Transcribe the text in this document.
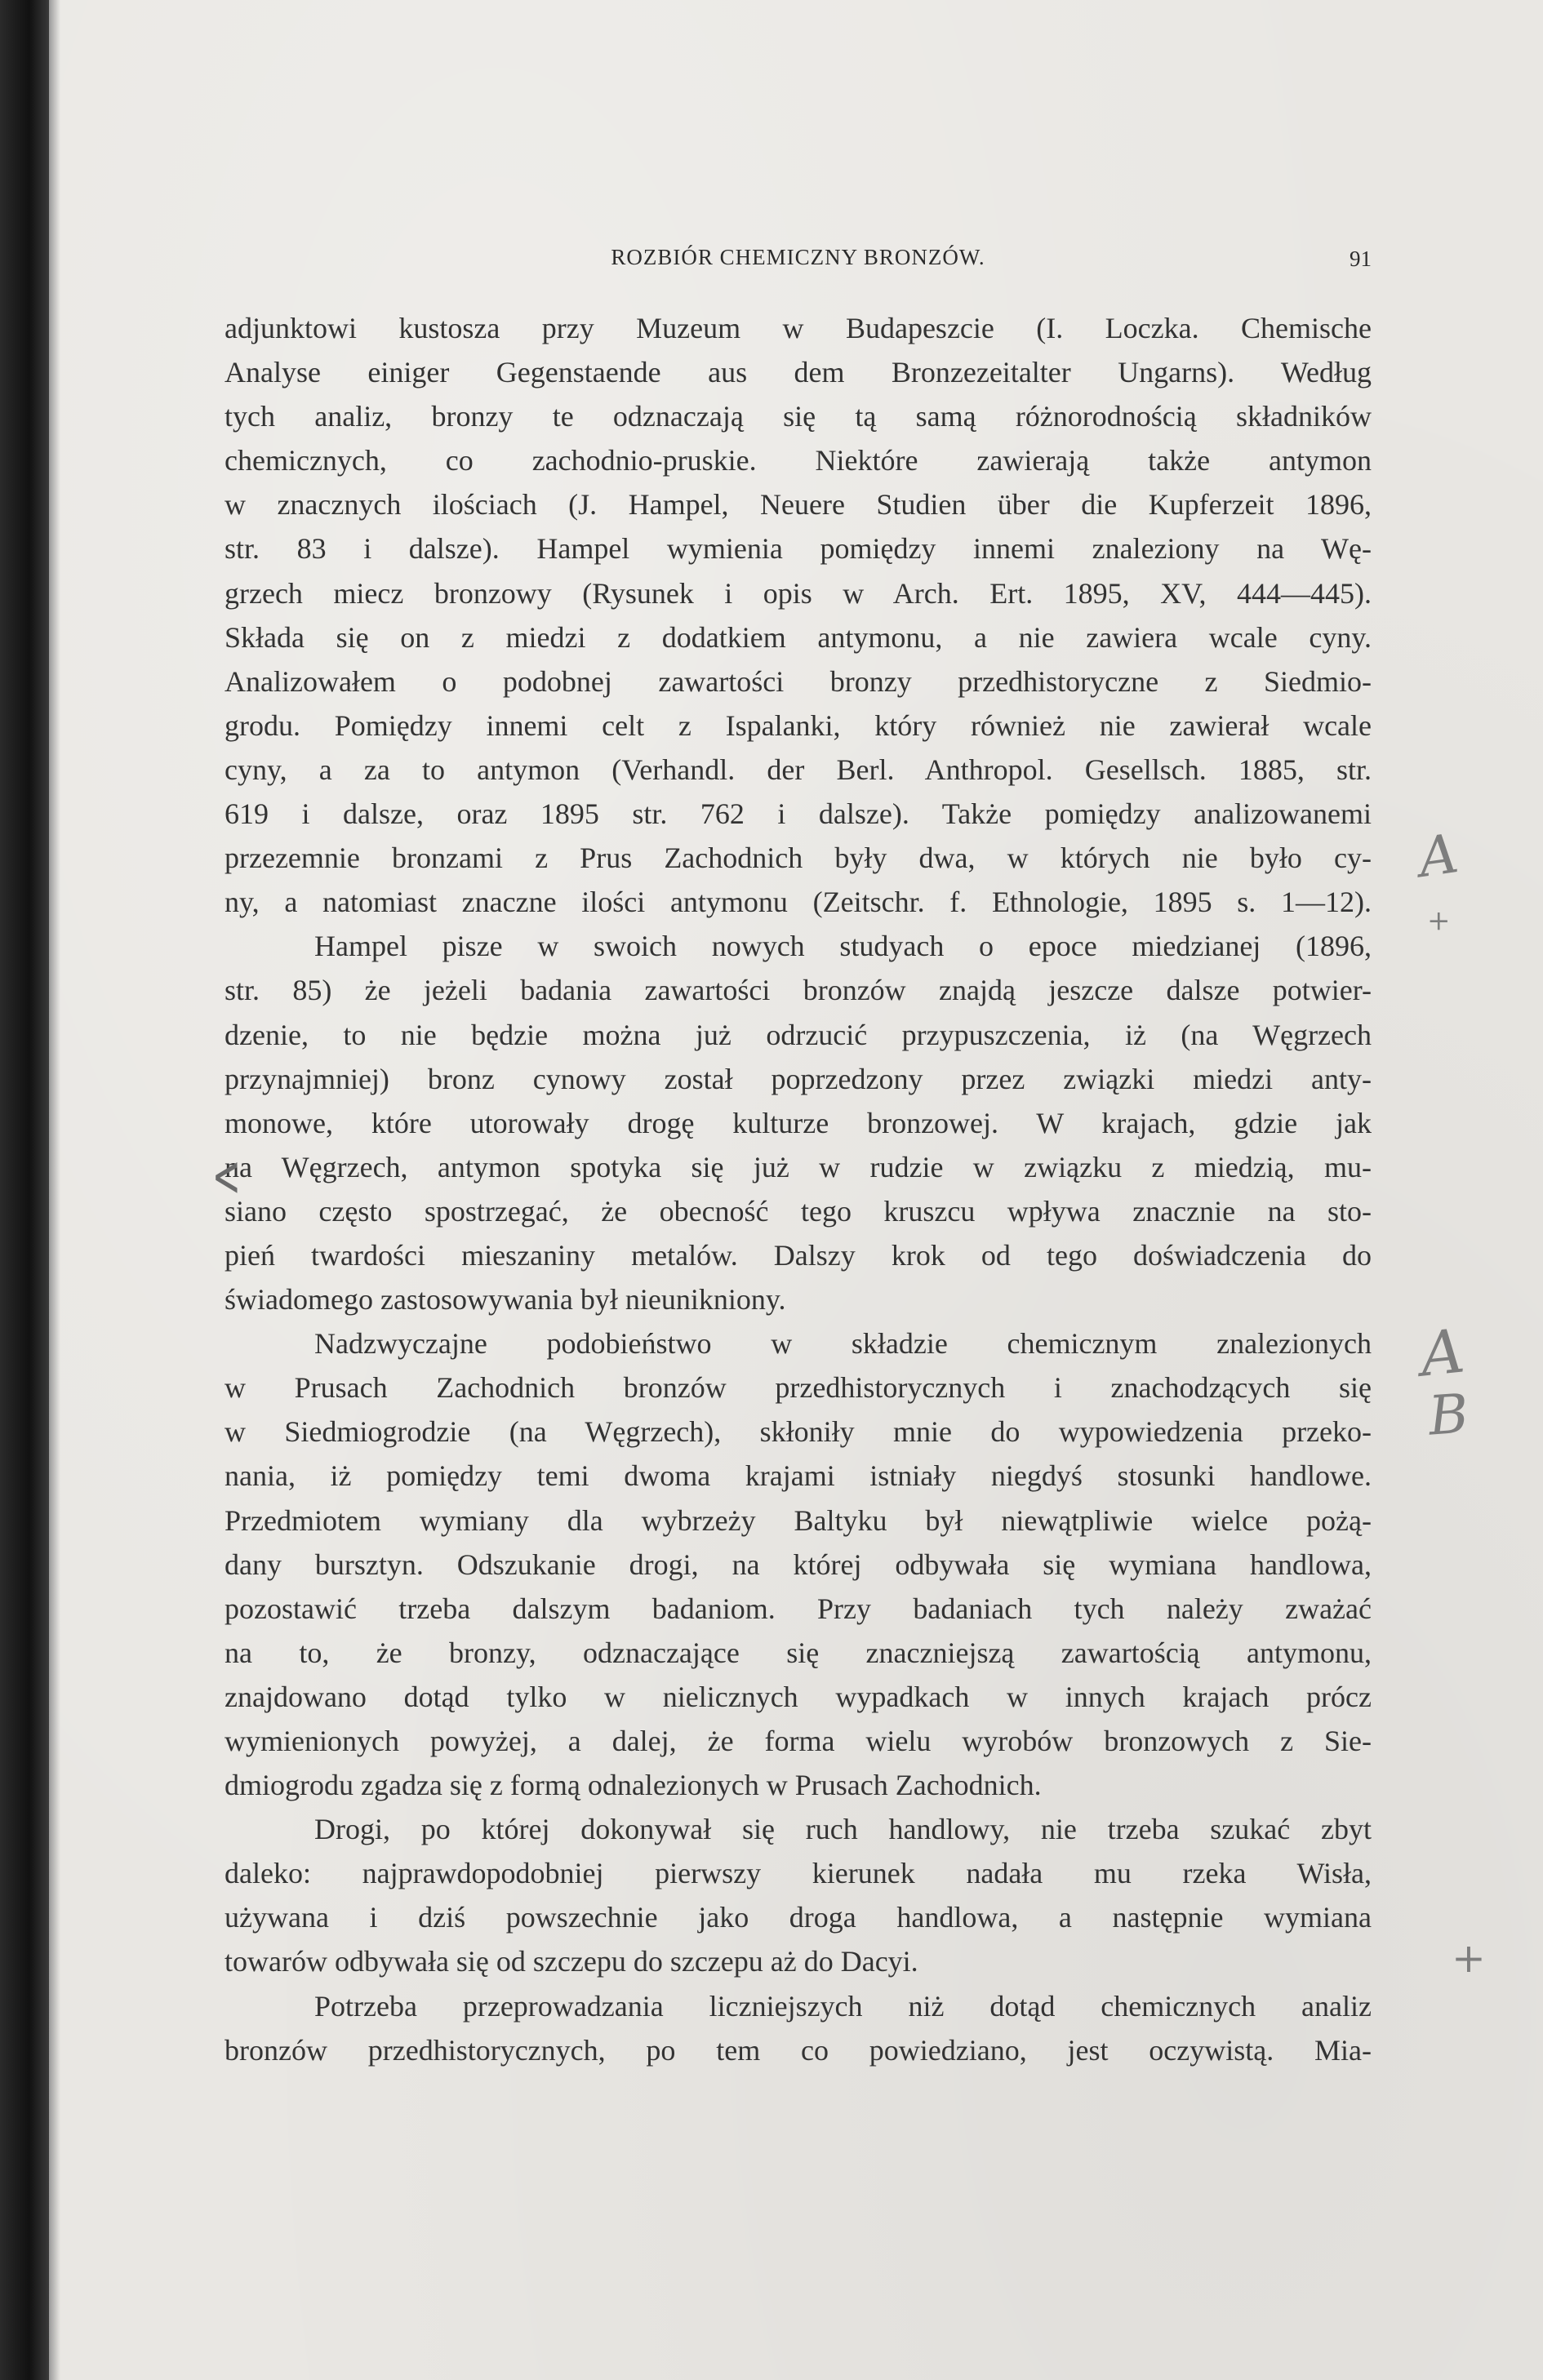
ROZBIÓR CHEMICZNY BRONZÓW.	91
adjunktowi kustosza przy Muzeum w Budapeszcie (I. Loczka. Chemische
Analyse einiger Gegenstaende aus dem Bronzezeitalter Ungarns). Według
tych analiz, bronzy te odznaczają się tą samą różnorodnością składników
chemicznych, co zachodnio-pruskie. Niektóre zawierają także antymon
w znacznych ilościach (J. Hampel, Neuere Studien über die Kupferzeit 1896,
str. 83 i dalsze). Hampel wymienia pomiędzy innemi znaleziony na Wę-
grzech miecz bronzowy (Rysunek i opis w Arch. Ert. 1895, XV, 444—445).
Składa się on z miedzi z dodatkiem antymonu, a nie zawiera wcale cyny.
Analizowałem o podobnej zawartości bronzy przedhistoryczne z Siedmio-
grodu. Pomiędzy innemi celt z Ispalanki, który również nie zawierał wcale
cyny, a za to antymon (Verhandl. der Berl. Anthropol. Gesellsch. 1885, str.
619 i dalsze, oraz 1895 str. 762 i dalsze). Także pomiędzy analizowanemi
przezemnie bronzami z Prus Zachodnich były dwa, w których nie było cy-
ny, a natomiast znaczne ilości antymonu (Zeitschr. f. Ethnologie, 1895 s. 1—12).
Hampel pisze w swoich nowych studyach o epoce miedzianej (1896,
str. 85) że jeżeli badania zawartości bronzów znajdą jeszcze dalsze potwier-
dzenie, to nie będzie można już odrzucić przypuszczenia, iż (na Węgrzech
przynajmniej) bronz cynowy został poprzedzony przez związki miedzi anty-
monowe, które utorowały drogę kulturze bronzowej. W krajach, gdzie jak
na Węgrzech, antymon spotyka się już w rudzie w związku z miedzią, mu-
siano często spostrzegać, że obecność tego kruszcu wpływa znacznie na sto-
pień twardości mieszaniny metalów. Dalszy krok od tego doświadczenia do
świadomego zastosowywania był nieunikniony.
Nadzwyczajne podobieństwo w składzie chemicznym znalezionych
w Prusach Zachodnich bronzów przedhistorycznych i znachodzących się
w Siedmiogrodzie (na Węgrzech), skłoniły mnie do wypowiedzenia przeko-
nania, iż pomiędzy temi dwoma krajami istniały niegdyś stosunki handlowe.
Przedmiotem wymiany dla wybrzeży Baltyku był niewątpliwie wielce pożą-
dany bursztyn. Odszukanie drogi, na której odbywała się wymiana handlowa,
pozostawić trzeba dalszym badaniom. Przy badaniach tych należy zważać
na to, że bronzy, odznaczające się znaczniejszą zawartością antymonu,
znajdowano dotąd tylko w nielicznych wypadkach w innych krajach prócz
wymienionych powyżej, a dalej, że forma wielu wyrobów bronzowych z Sie-
dmiogrodu zgadza się z formą odnalezionych w Prusach Zachodnich.
Drogi, po której dokonywał się ruch handlowy, nie trzeba szukać zbyt
daleko: najprawdopodobniej pierwszy kierunek nadała mu rzeka Wisła,
używana i dziś powszechnie jako droga handlowa, a następnie wymiana
towarów odbywała się od szczepu do szczepu aż do Dacyi.
Potrzeba przeprowadzania liczniejszych niż dotąd chemicznych analiz
bronzów przedhistorycznych, po tem co powiedziano, jest oczywistą. Mia-
<
A
+
A
B
+
